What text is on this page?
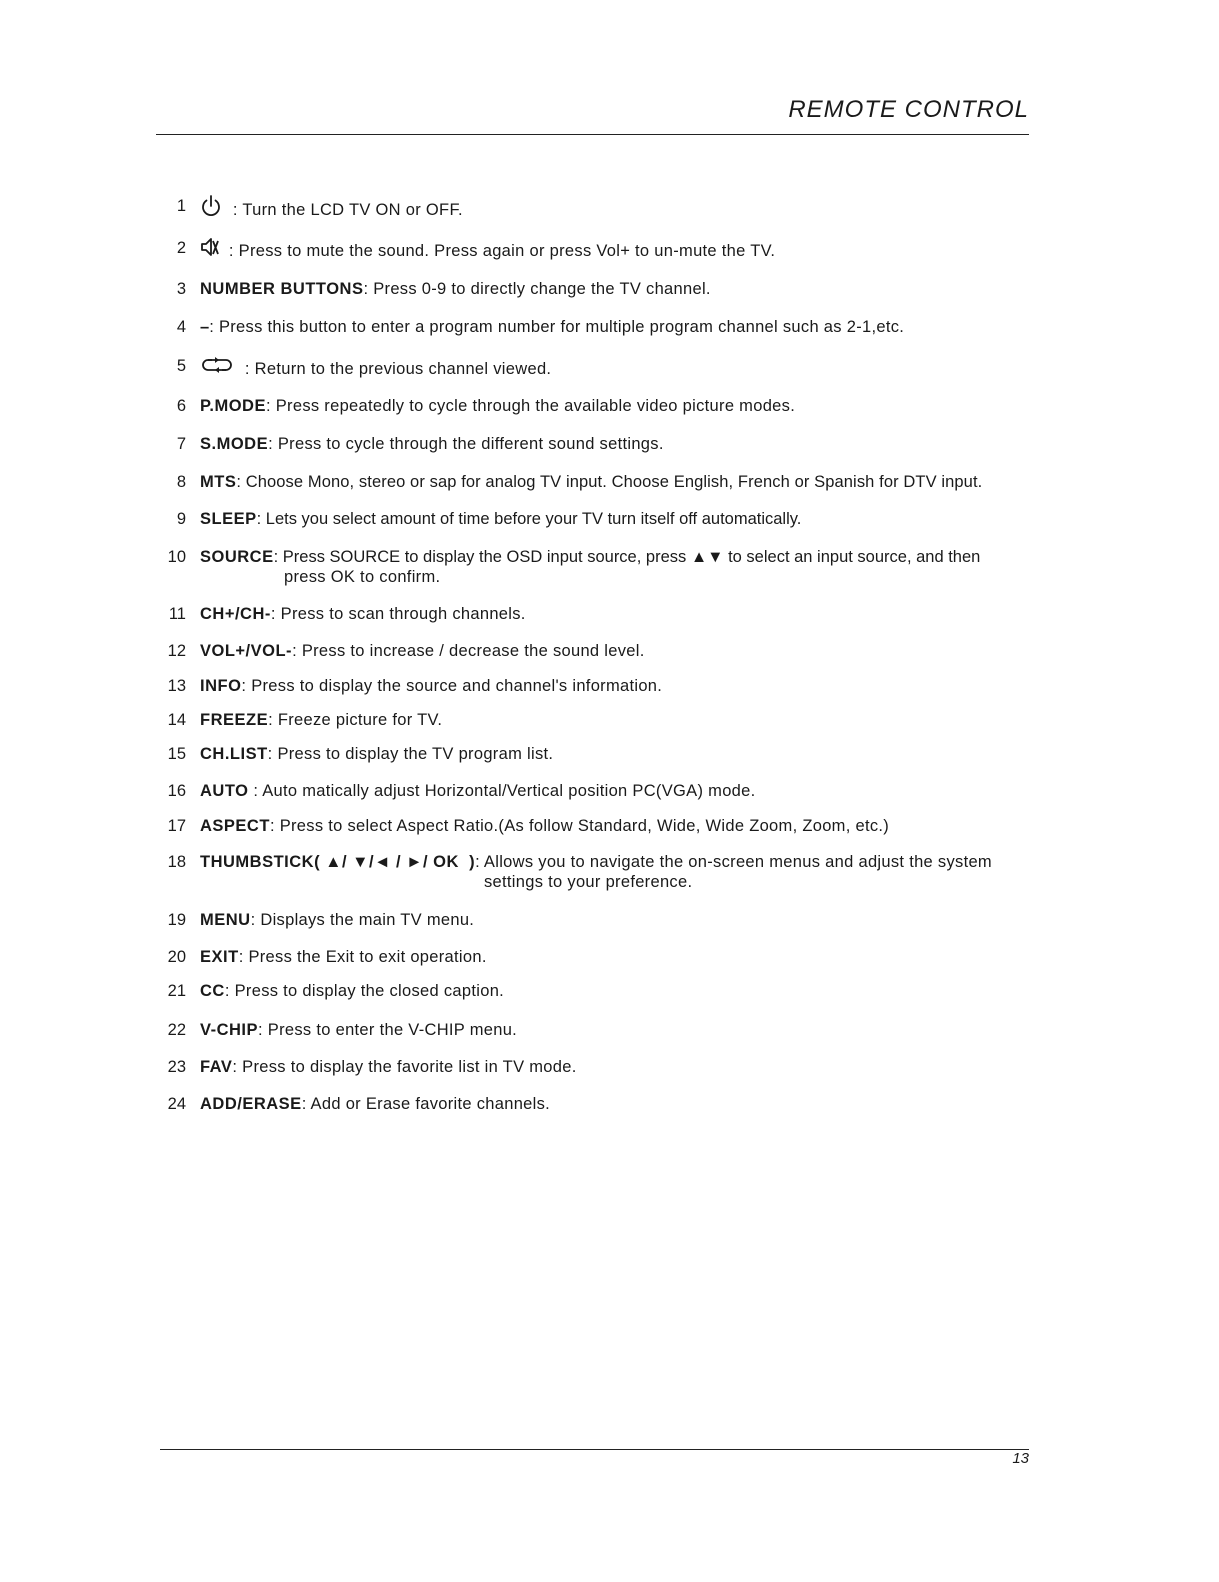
REMOTE CONTROL
1	: Turn the LCD TV ON or OFF.
2	: Press to mute the sound. Press again or press Vol+ to un-mute the TV.
3 NUMBER BUTTONS: Press 0-9 to directly change the TV channel.
4 –: Press this button to enter a program number for multiple program channel such as 2-1,etc.
5	: Return to the previous channel viewed.
6 P.MODE: Press repeatedly to cycle through the available video picture modes.
7 S.MODE: Press to cycle through the different sound settings.
8 MTS: Choose Mono, stereo or sap for analog TV input. Choose English, French or Spanish for DTV input.
9 SLEEP: Lets you select amount of time before your TV turn itself off automatically.
10 SOURCE: Press SOURCE to display the OSD input source, press ▲▼ to select an input source, and then
press OK to confirm.
11 CH+/CH-: Press to scan through channels.
12 VOL+/VOL-: Press to increase / decrease the sound level.
13 INFO: Press to display the source and channel's information.
14 FREEZE: Freeze picture for TV.
15 CH.LIST: Press to display the TV program list.
16 AUTO : Auto matically adjust Horizontal/Vertical position PC(VGA) mode.
17 ASPECT: Press to select Aspect Ratio.(As follow Standard, Wide, Wide Zoom, Zoom, etc.)
18 THUMBSTICK( ▲/ ▼/◄ / ►/ OK  ): Allows you to navigate the on-screen menus and adjust the system
settings to your preference.
19 MENU: Displays the main TV menu.
20 EXIT: Press the Exit to exit operation.
21 CC: Press to display the closed caption.
22 V-CHIP: Press to enter the V-CHIP menu.
23 FAV: Press to display the favorite list in TV mode.
24 ADD/ERASE: Add or Erase favorite channels.
13
